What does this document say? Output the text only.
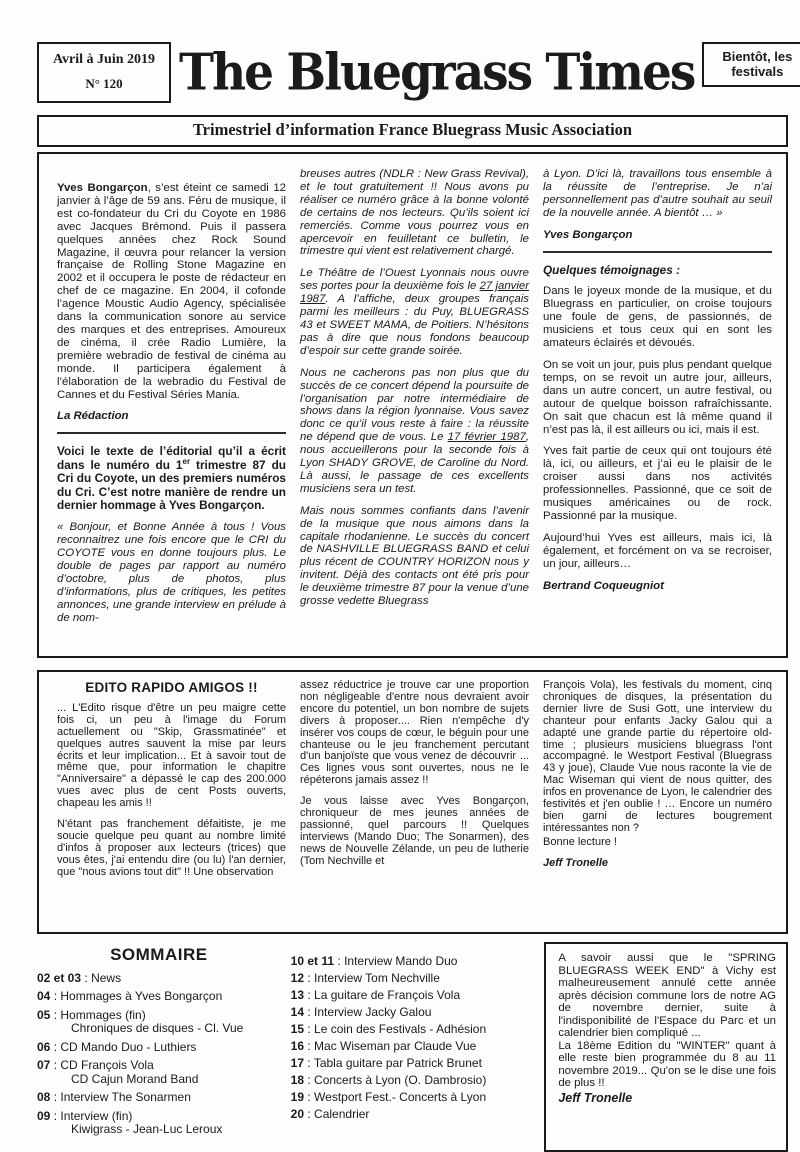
Avril à Juin 2019
N° 120	The Bluegrass Times	Bientôt, les festivals
Trimestriel d’information France Bluegrass Music Association

Yves Bongarçon, s’est éteint ce samedi 12 janvier à l’âge de 59 ans. Féru de musique, il est co-fondateur du Cri du Coyote en 1986 avec Jacques Brémond. Puis il passera quelques années chez Rock Sound Magazine, il œuvra pour relancer la version française de Rolling Stone Magazine en 2002 et il occupera le poste de rédacteur en chef de ce magazine. En 2004, il cofonde l’agence Moustic Audio Agency, spécialisée dans la communication sonore au service des marques et des entreprises. Amoureux de cinéma, il crée Radio Lumière, la première webradio de festival de cinéma au monde. Il participera également à l’élaboration de la webradio du Festival de Cannes et du Festival Séries Mania.

La Rédaction

Voici le texte de l’éditorial qu’il a écrit dans le numéro du 1er trimestre 87 du Cri du Coyote, un des premiers numéros du Cri. C’est notre manière de rendre un dernier hommage à Yves Bongarçon.

« Bonjour, et Bonne Année à tous ! Vous reconnaitrez une fois encore que le CRI du COYOTE vous en donne toujours plus. Le double de pages par rapport au numéro d’octobre, plus de photos, plus d’informations, plus de critiques, les petites annonces, une grande interview en prélude à de nom-

breuses autres (NDLR : New Grass Revival), et le tout gratuitement !! Nous avons pu réaliser ce numéro grâce à la bonne volonté de certains de nos lecteurs. Qu’ils soient ici remerciés. Comme vous pourrez vous en apercevoir en feuilletant ce bulletin, le trimestre qui vient est relativement chargé.

Le Théâtre de l’Ouest Lyonnais nous ouvre ses portes pour la deuxième fois le 27 janvier 1987. A l’affiche, deux groupes français parmi les meilleurs : du Puy, BLUEGRASS 43 et SWEET MAMA, de Poitiers. N’hésitons pas à dire que nous fondons beaucoup d’espoir sur cette grande soirée.

Nous ne cacherons pas non plus que du succès de ce concert dépend la poursuite de l’organisation par notre intermédiaire de shows dans la région lyonnaise. Vous savez donc ce qu’il vous reste à faire : la réussite ne dépend que de vous. Le 17 février 1987, nous accueillerons pour la seconde fois à Lyon SHADY GROVE, de Caroline du Nord. Là aussi, le passage de ces excellents musiciens sera un test.

Mais nous sommes confiants dans l’avenir de la musique que nous aimons dans la capitale rhodanienne. Le succès du concert de NASHVILLE BLUEGRASS BAND et celui plus récent de COUNTRY HORIZON nous y invitent. Déjà des contacts ont été pris pour le deuxième trimestre 87 pour la venue d’une grosse vedette Bluegrass

à Lyon. D’ici là, travaillons tous ensemble à la réussite de l’entreprise. Je n’ai personnellement pas d’autre souhait au seuil de la nouvelle année. A bientôt … »

Yves Bongarçon

Quelques témoignages :

Dans le joyeux monde de la musique, et du Bluegrass en particulier, on croise toujours une foule de gens, de passionnés, de musiciens et tous ceux qui en sont les amateurs éclairés et dévoués.

On se voit un jour, puis plus pendant quelque temps, on se revoit un autre jour, ailleurs, dans un autre concert, un autre festival, ou autour de quelque boisson rafraîchissante. On sait que chacun est là même quand il n’est pas là, il est ailleurs ou ici, mais il est.

Yves fait partie de ceux qui ont toujours été là, ici, ou ailleurs, et j’ai eu le plaisir de le croiser aussi dans nos activités professionnelles. Passionné, que ce soit de musiques américaines ou de rock. Passionné par la musique.

Aujourd’hui Yves est ailleurs, mais ici, là également, et forcément on va se recroiser, un jour, ailleurs…

Bertrand Coqueugniot

EDITO RAPIDO AMIGOS !!

... L'Edito risque d'être un peu maigre cette fois ci, un peu à l'image du Forum actuellement ou "Skip, Grassmatinée" et quelques autres sauvent la mise par leurs écrits et leur implication... Et à savoir tout de même que, pour information le chapitre "Anniversaire" a dépassé le cap des 200.000 vues avec plus de cent Posts ouverts, chapeau les amis !!

N'étant pas franchement défaitiste, je me soucie quelque peu quant au nombre limité d'infos à proposer aux lecteurs (trices) que vous êtes, j'ai entendu dire (ou lu) l'an dernier, que "nous avions tout dit" !! Une observation

assez réductrice je trouve car une proportion non négligeable d'entre nous devraient avoir encore du potentiel, un bon nombre de sujets divers à proposer.... Rien n'empêche d'y insérer vos coups de cœur, le béguin pour une chanteuse ou le jeu franchement percutant d'un banjoïste que vous venez de découvrir ... Ces lignes vous sont ouvertes, nous ne le répéterons jamais assez !!

Je vous laisse avec Yves Bongarçon, chroniqueur de mes jeunes années de passionné, quel parcours !! Quelques interviews (Mando Duo; The Sonarmen), des news de Nouvelle Zélande, un peu de lutherie (Tom Nechville et

François Vola), les festivals du moment, cinq chroniques de disques, la présentation du dernier livre de Susi Gott, une interview du chanteur pour enfants Jacky Galou qui a adapté une grande partie du répertoire old-time ; plusieurs musiciens bluegrass l'ont accompagné. le Westport Festival (Bluegrass 43 y joue), Claude Vue nous raconte la vie de Mac Wiseman qui vient de nous quitter, des infos en provenance de Lyon, le calendrier des festivités et j'en oublie ! … Encore un numéro bien garni de lectures bougrement intéressantes non ?

Bonne lecture !

Jeff Tronelle

SOMMAIRE
02 et 03 : News
04 : Hommages à Yves Bongarçon
05 : Hommages (fin)
Chroniques de disques - Cl. Vue
06 : CD Mando Duo - Luthiers
07 : CD François Vola
CD Cajun Morand Band
08 : Interview The Sonarmen
09 : Interview (fin)
Kiwigrass - Jean-Luc Leroux
10 et 11 : Interview Mando Duo
12 : Interview Tom Nechville
13 : La guitare de François Vola
14 : Interview Jacky Galou
15 : Le coin des Festivals - Adhésion
16 : Mac Wiseman par Claude Vue
17 : Tabla guitare par Patrick Brunet
18 : Concerts à Lyon (O. Dambrosio)
19 : Westport Fest.- Concerts à Lyon
20 : Calendrier

A savoir aussi que le "SPRING BLUEGRASS WEEK END" à Vichy est malheureusement annulé cette année après décision commune lors de notre AG de novembre dernier, suite à l'indisponibilité de l'Espace du Parc et un calendrier bien compliqué ...

La 18ème Edition du "WINTER" quant à elle reste bien programmée du 8 au 11 novembre 2019... Qu'on se le dise une fois de plus !!

Jeff Tronelle
